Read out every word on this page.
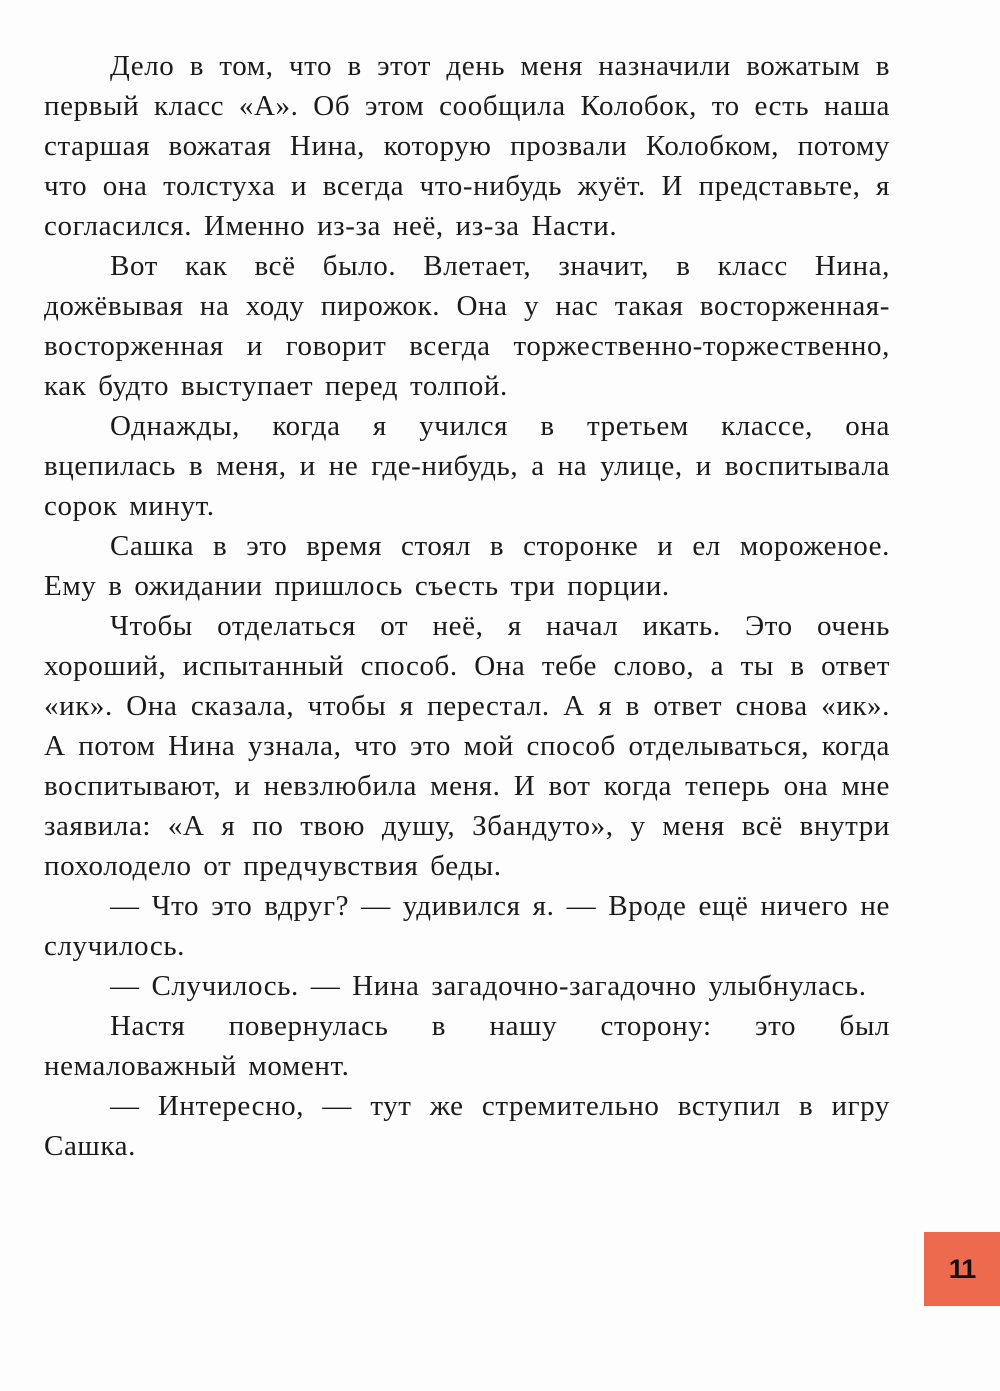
Дело в том, что в этот день меня назначили вожатым в первый класс «А». Об этом сообщила Колобок, то есть наша старшая вожатая Нина, которую прозвали Колобком, потому что она толстуха и всегда что-нибудь жуёт. И представьте, я согласился. Именно из-за неё, из-за Насти.

Вот как всё было. Влетает, значит, в класс Нина, дожёвывая на ходу пирожок. Она у нас такая восторженная-восторженная и говорит всегда торжественно-торжественно, как будто выступает перед толпой.

Однажды, когда я учился в третьем классе, она вцепилась в меня, и не где-нибудь, а на улице, и воспитывала сорок минут.

Сашка в это время стоял в сторонке и ел мороженое. Ему в ожидании пришлось съесть три порции.

Чтобы отделаться от неё, я начал икать. Это очень хороший, испытанный способ. Она тебе слово, а ты в ответ «ик». Она сказала, чтобы я перестал. А я в ответ снова «ик». А потом Нина узнала, что это мой способ отделываться, когда воспитывают, и невзлюбила меня. И вот когда теперь она мне заявила: «А я по твою душу, Збандуто», у меня всё внутри похолодело от предчувствия беды.

— Что это вдруг? — удивился я. — Вроде ещё ничего не случилось.

— Случилось. — Нина загадочно-загадочно улыбнулась.

Настя повернулась в нашу сторону: это был немаловажный момент.

— Интересно, — тут же стремительно вступил в игру Сашка.

11
